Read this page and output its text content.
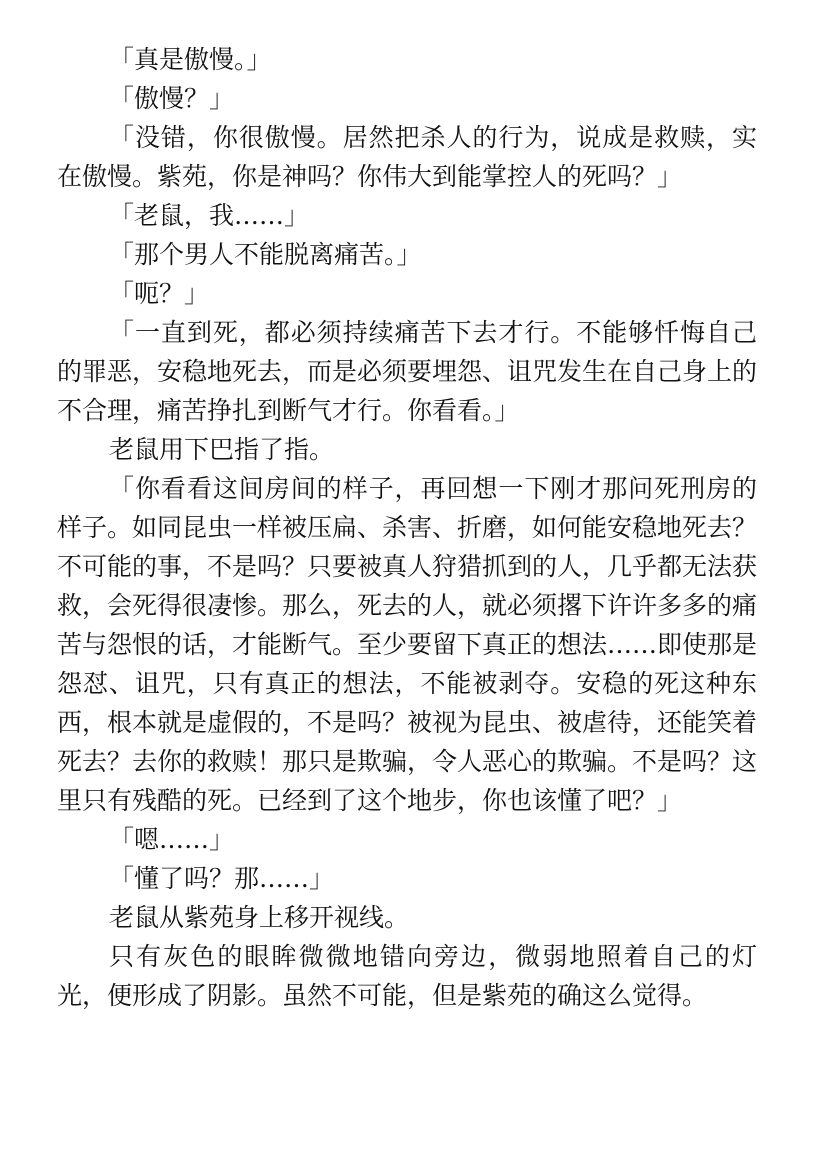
「真是傲慢。」

「傲慢？」

「没错，你很傲慢。居然把杀人的行为，说成是救赎，实在傲慢。紫苑，你是神吗？你伟大到能掌控人的死吗？」

「老鼠，我……」

「那个男人不能脱离痛苦。」

「呃？」

「一直到死，都必须持续痛苦下去才行。不能够忏悔自己的罪恶，安稳地死去，而是必须要埋怨、诅咒发生在自己身上的不合理，痛苦挣扎到断气才行。你看看。」

老鼠用下巴指了指。

「你看看这间房间的样子，再回想一下刚才那问死刑房的样子。如同昆虫一样被压扁、杀害、折磨，如何能安稳地死去？不可能的事，不是吗？只要被真人狩猎抓到的人，几乎都无法获救，会死得很凄惨。那么，死去的人，就必须撂下许许多多的痛苦与怨恨的话，才能断气。至少要留下真正的想法……即使那是怨怼、诅咒，只有真正的想法，不能被剥夺。安稳的死这种东西，根本就是虚假的，不是吗？被视为昆虫、被虐待，还能笑着死去？去你的救赎！那只是欺骗，令人恶心的欺骗。不是吗？这里只有残酷的死。已经到了这个地步，你也该懂了吧？」

「嗯……」

「懂了吗？那……」

老鼠从紫苑身上移开视线。

只有灰色的眼眸微微地错向旁边，微弱地照着自己的灯光，便形成了阴影。虽然不可能，但是紫苑的确这么觉得。
